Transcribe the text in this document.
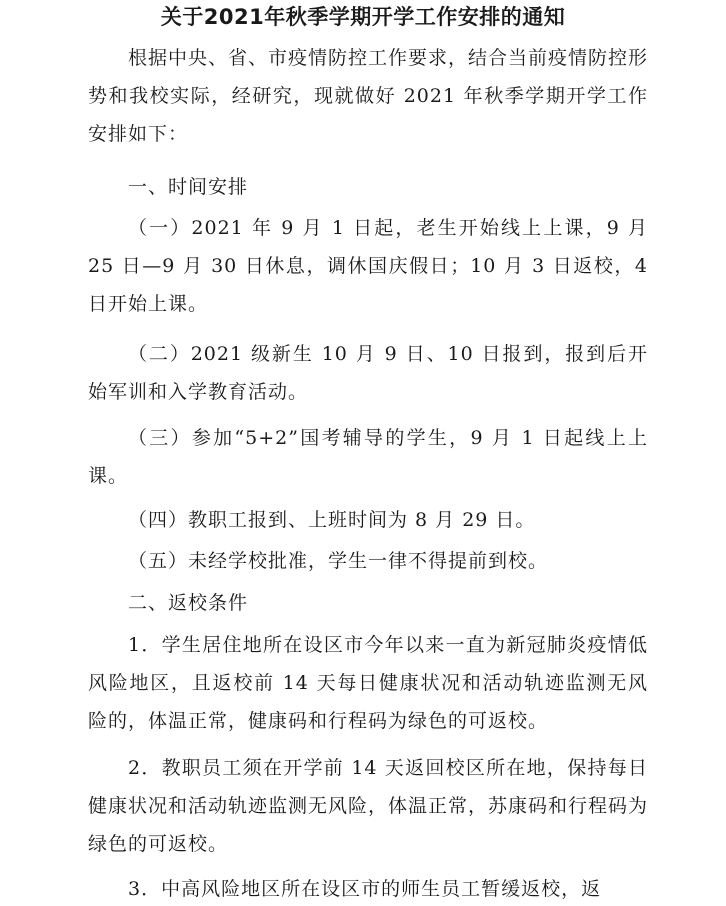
关于2021年秋季学期开学工作安排的通知

根据中央、省、市疫情防控工作要求，结合当前疫情防控形势和我校实际，经研究，现就做好 2021 年秋季学期开学工作安排如下：

一、时间安排

（一）2021 年 9 月 1 日起，老生开始线上上课，9 月 25 日—9 月 30 日休息，调休国庆假日；10 月 3 日返校，4 日开始上课。

（二）2021 级新生 10 月 9 日、10 日报到，报到后开始军训和入学教育活动。

（三）参加“5+2”国考辅导的学生，9 月 1 日起线上上课。

（四）教职工报到、上班时间为 8 月 29 日。

（五）未经学校批准，学生一律不得提前到校。

二、返校条件

1．学生居住地所在设区市今年以来一直为新冠肺炎疫情低风险地区，且返校前 14 天每日健康状况和活动轨迹监测无风险的，体温正常，健康码和行程码为绿色的可返校。

2．教职员工须在开学前 14 天返回校区所在地，保持每日健康状况和活动轨迹监测无风险，体温正常，苏康码和行程码为绿色的可返校。

3．中高风险地区所在设区市的师生员工暂缓返校，返
